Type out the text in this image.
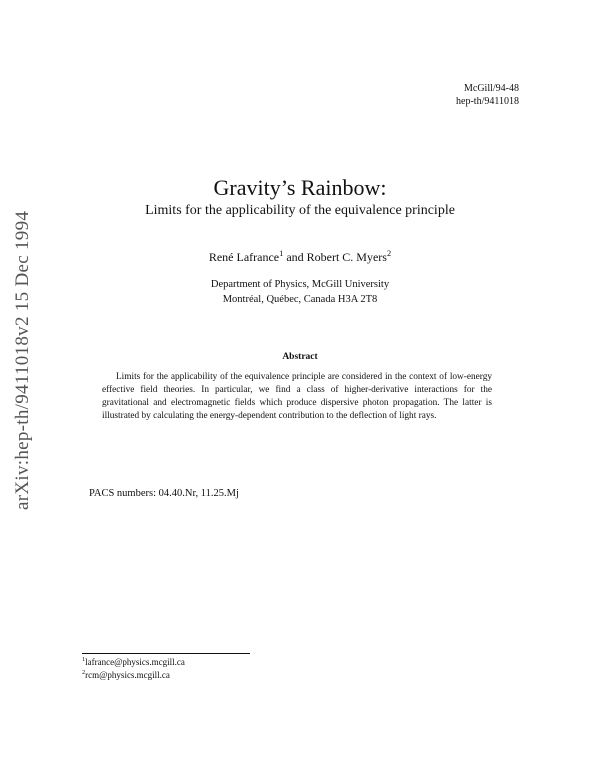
McGill/94-48
hep-th/9411018
arXiv:hep-th/9411018v2 15 Dec 1994
Gravity’s Rainbow:
Limits for the applicability of the equivalence principle
René Lafrance$^1$ and Robert C. Myers$^2$
Department of Physics, McGill University
Montréal, Québec, Canada H3A 2T8
Abstract
Limits for the applicability of the equivalence principle are considered in the context of low-energy effective field theories. In particular, we find a class of higher-derivative interactions for the gravitational and electromagnetic fields which produce dispersive photon propagation. The latter is illustrated by calculating the energy-dependent contribution to the deflection of light rays.
PACS numbers: 04.40.Nr, 11.25.Mj
$^1$lafrance@physics.mcgill.ca
$^2$rcm@physics.mcgill.ca
